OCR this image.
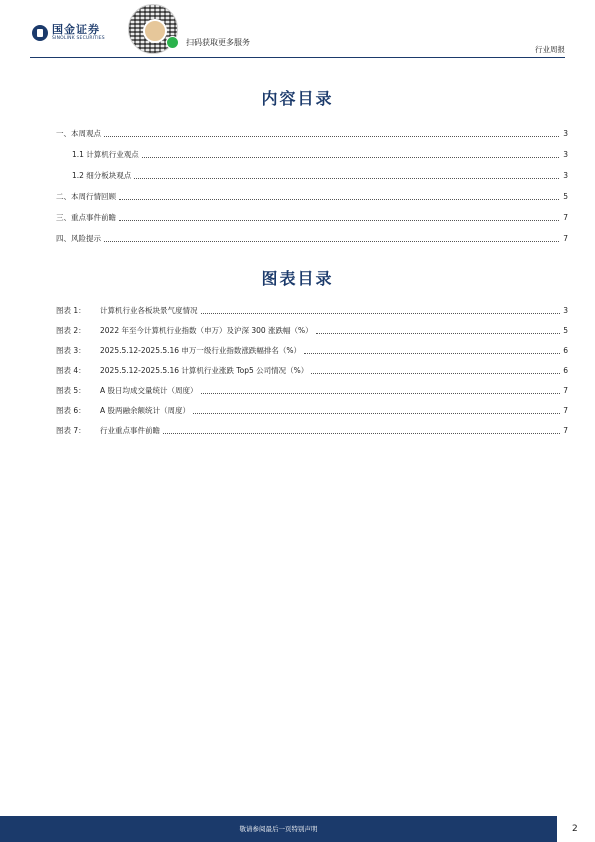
国金证券
SINOLINK SECURITIES	扫码获取更多服务
行业周报
内容目录
一、本周观点	3
1.1 计算机行业观点	3
1.2 细分板块观点	3
二、本周行情回顾	5
三、重点事件前瞻	7
四、风险提示	7
图表目录
图表 1：	计算机行业各板块景气度情况	3
图表 2：	2022 年至今计算机行业指数（申万）及沪深 300 涨跌幅（%）	5
图表 3：	2025.5.12-2025.5.16 申万一级行业指数涨跌幅排名（%）	6
图表 4：	2025.5.12-2025.5.16 计算机行业涨跌 Top5 公司情况（%）	6
图表 5：	A 股日均成交量统计（周度）	7
图表 6：	A 股两融余额统计（周度）	7
图表 7：	行业重点事件前瞻	7
敬请参阅最后一页特别声明	2
